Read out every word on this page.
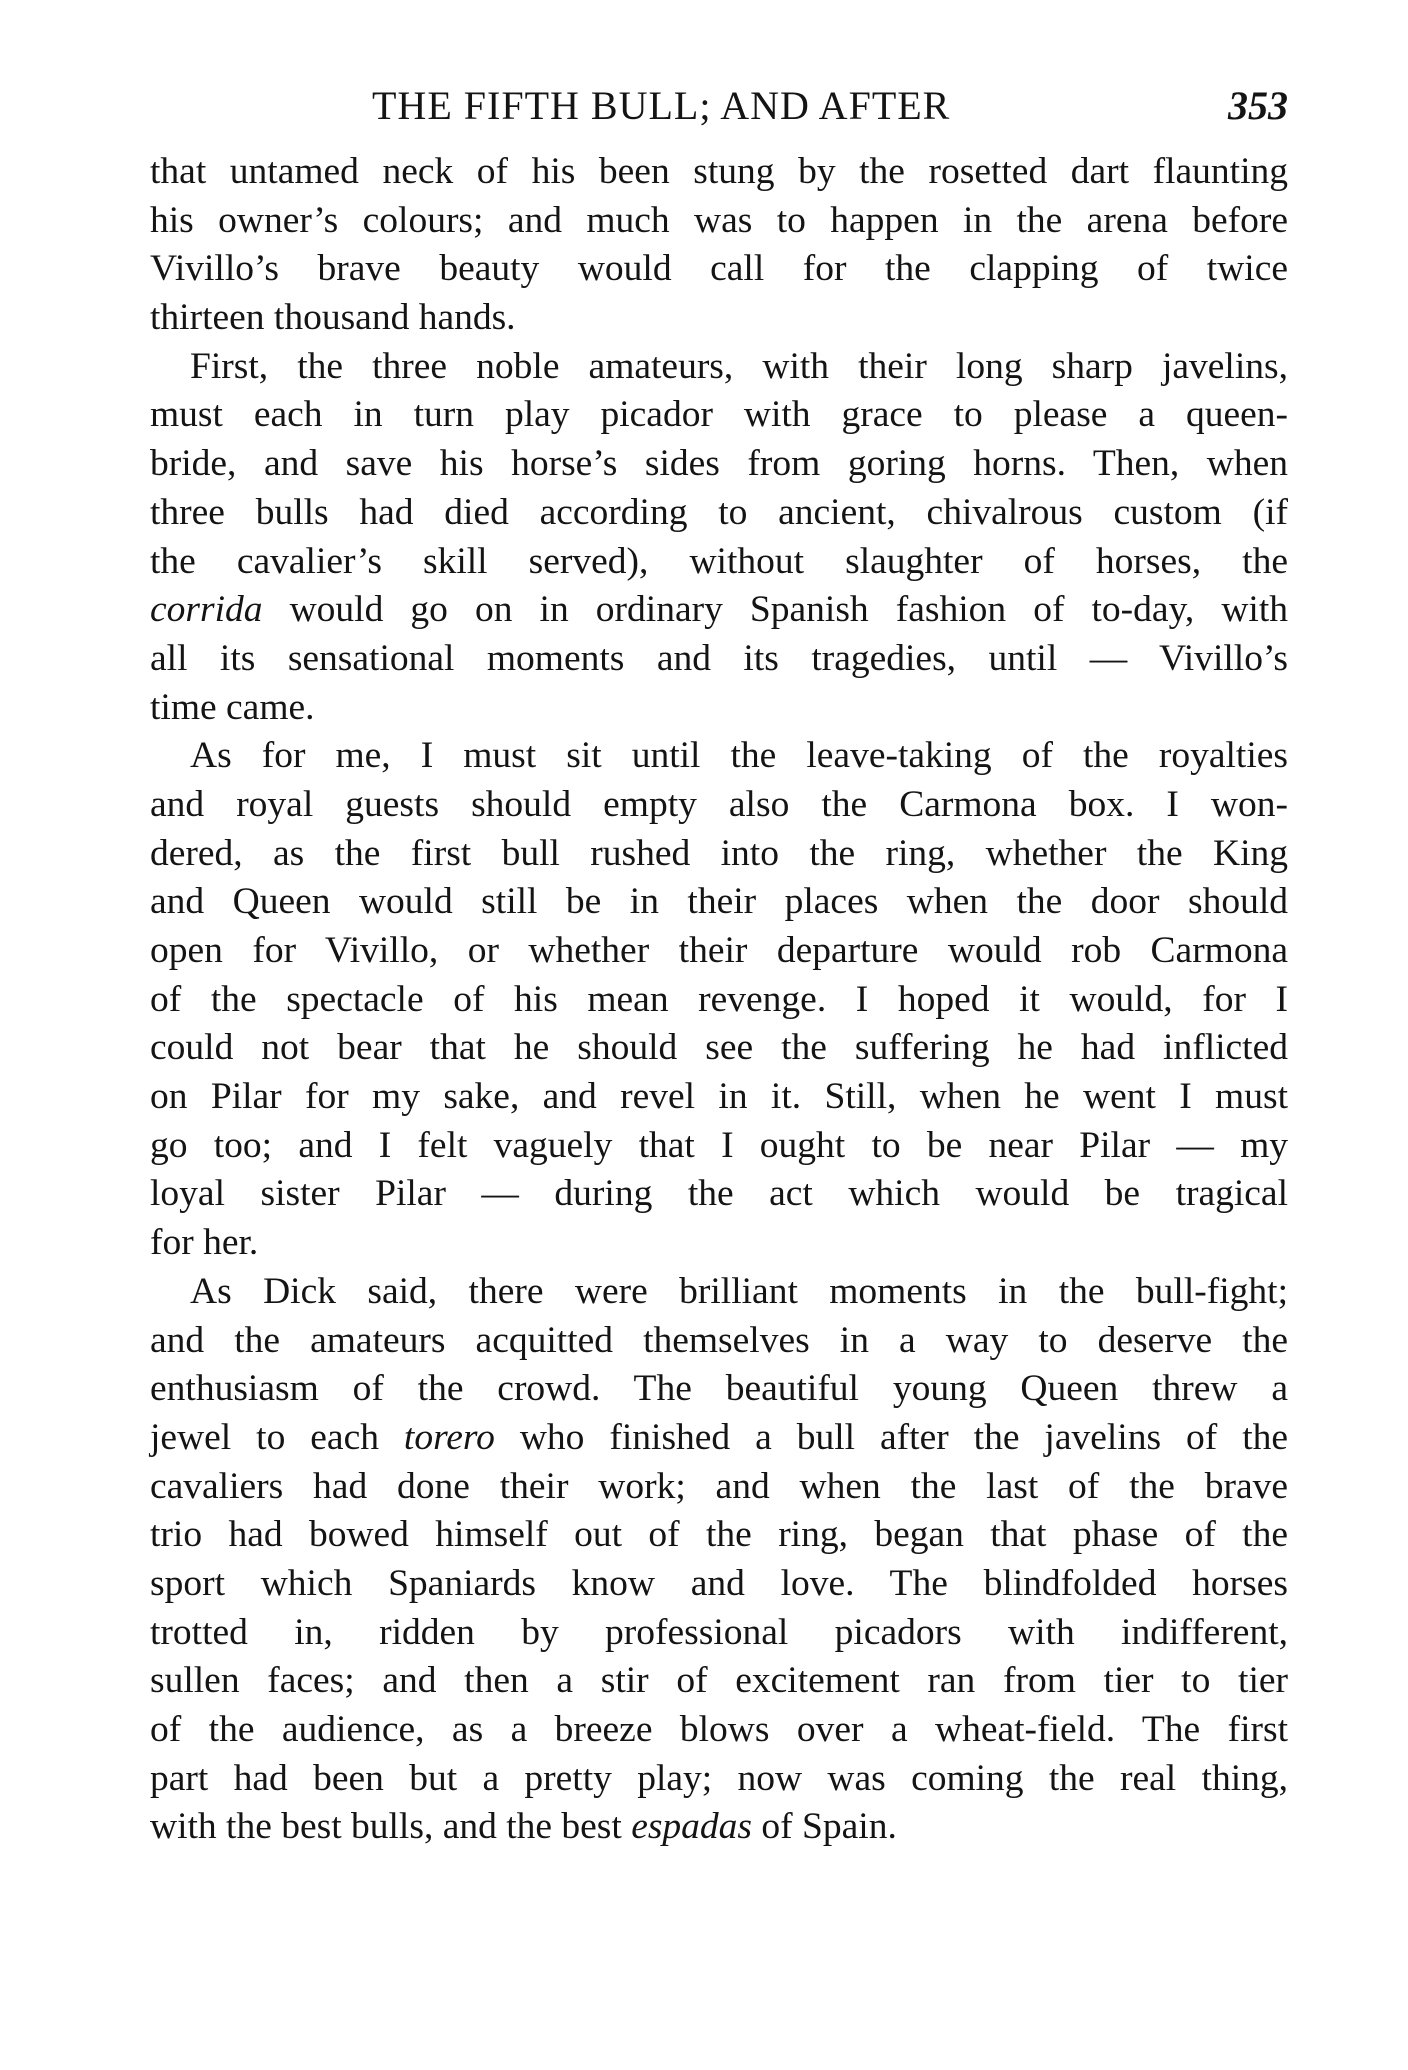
THE FIFTH BULL; AND AFTER	353
that untamed neck of his been stung by the rosetted dart flaunting
his owner’s colours; and much was to happen in the arena before
Vivillo’s brave beauty would call for the clapping of twice
thirteen thousand hands.
First, the three noble amateurs, with their long sharp javelins,
must each in turn play picador with grace to please a queen-
bride, and save his horse’s sides from goring horns. Then, when
three bulls had died according to ancient, chivalrous custom (if
the cavalier’s skill served), without slaughter of horses, the
corrida would go on in ordinary Spanish fashion of to-day, with
all its sensational moments and its tragedies, until — Vivillo’s
time came.
As for me, I must sit until the leave-taking of the royalties
and royal guests should empty also the Carmona box. I won-
dered, as the first bull rushed into the ring, whether the King
and Queen would still be in their places when the door should
open for Vivillo, or whether their departure would rob Carmona
of the spectacle of his mean revenge. I hoped it would, for I
could not bear that he should see the suffering he had inflicted
on Pilar for my sake, and revel in it. Still, when he went I must
go too; and I felt vaguely that I ought to be near Pilar — my
loyal sister Pilar — during the act which would be tragical
for her.
As Dick said, there were brilliant moments in the bull-fight;
and the amateurs acquitted themselves in a way to deserve the
enthusiasm of the crowd. The beautiful young Queen threw a
jewel to each torero who finished a bull after the javelins of the
cavaliers had done their work; and when the last of the brave
trio had bowed himself out of the ring, began that phase of the
sport which Spaniards know and love. The blindfolded horses
trotted in, ridden by professional picadors with indifferent,
sullen faces; and then a stir of excitement ran from tier to tier
of the audience, as a breeze blows over a wheat-field. The first
part had been but a pretty play; now was coming the real thing,
with the best bulls, and the best espadas of Spain.
